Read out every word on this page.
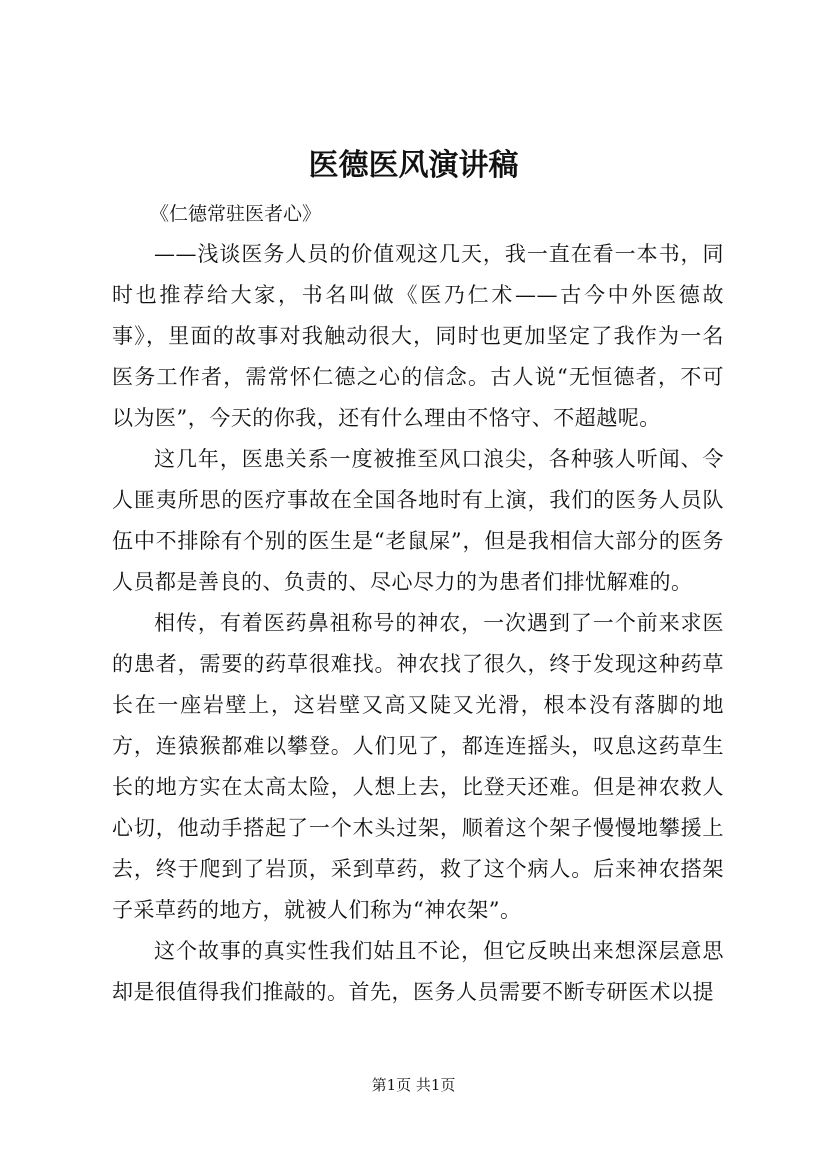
医德医风演讲稿

《仁德常驻医者心》

——浅谈医务人员的价值观这几天，我一直在看一本书，同时也推荐给大家，书名叫做《医乃仁术——古今中外医德故事》，里面的故事对我触动很大，同时也更加坚定了我作为一名医务工作者，需常怀仁德之心的信念。古人说“无恒德者，不可以为医”，今天的你我，还有什么理由不恪守、不超越呢。

这几年，医患关系一度被推至风口浪尖，各种骇人听闻、令人匪夷所思的医疗事故在全国各地时有上演，我们的医务人员队伍中不排除有个别的医生是“老鼠屎”，但是我相信大部分的医务人员都是善良的、负责的、尽心尽力的为患者们排忧解难的。

相传，有着医药鼻祖称号的神农，一次遇到了一个前来求医的患者，需要的药草很难找。神农找了很久，终于发现这种药草长在一座岩壁上，这岩壁又高又陡又光滑，根本没有落脚的地方，连猿猴都难以攀登。人们见了，都连连摇头，叹息这药草生长的地方实在太高太险，人想上去，比登天还难。但是神农救人心切，他动手搭起了一个木头过架，顺着这个架子慢慢地攀援上去，终于爬到了岩顶，采到草药，救了这个病人。后来神农搭架子采草药的地方，就被人们称为“神农架”。

这个故事的真实性我们姑且不论，但它反映出来想深层意思却是很值得我们推敲的。首先，医务人员需要不断专研医术以提

第1页 共1页
